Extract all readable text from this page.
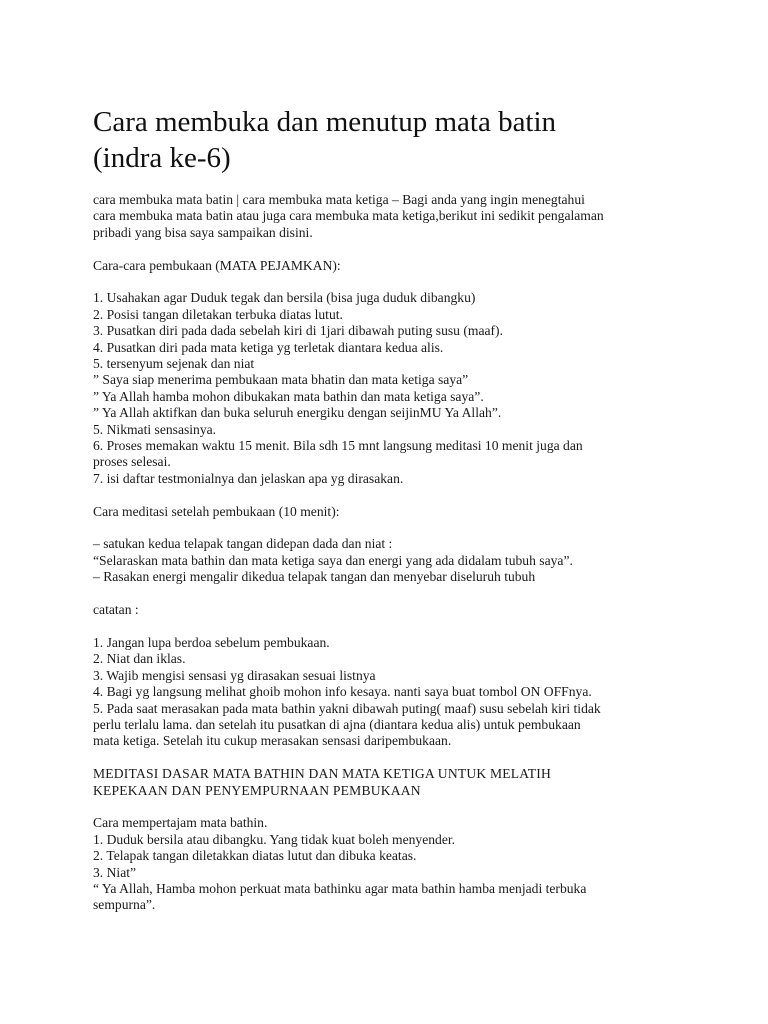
Cara membuka dan menutup mata batin
(indra ke-6)
cara membuka mata batin | cara membuka mata ketiga – Bagi anda yang ingin menegtahui
cara membuka mata batin atau juga cara membuka mata ketiga,berikut ini sedikit pengalaman
pribadi yang bisa saya sampaikan disini.
Cara-cara pembukaan (MATA PEJAMKAN):
1. Usahakan agar Duduk tegak dan bersila (bisa juga duduk dibangku)
2. Posisi tangan diletakan terbuka diatas lutut.
3. Pusatkan diri pada dada sebelah kiri di 1jari dibawah puting susu (maaf).
4. Pusatkan diri pada mata ketiga yg terletak diantara kedua alis.
5. tersenyum sejenak dan niat
” Saya siap menerima pembukaan mata bhatin dan mata ketiga saya”
” Ya Allah hamba mohon dibukakan mata bathin dan mata ketiga saya”.
” Ya Allah aktifkan dan buka seluruh energiku dengan seijinMU Ya Allah”.
5. Nikmati sensasinya.
6. Proses memakan waktu 15 menit. Bila sdh 15 mnt langsung meditasi 10 menit juga dan
proses selesai.
7. isi daftar testmonialnya dan jelaskan apa yg dirasakan.
Cara meditasi setelah pembukaan (10 menit):
– satukan kedua telapak tangan didepan dada dan niat :
“Selaraskan mata bathin dan mata ketiga saya dan energi yang ada didalam tubuh saya”.
– Rasakan energi mengalir dikedua telapak tangan dan menyebar diseluruh tubuh
catatan :
1. Jangan lupa berdoa sebelum pembukaan.
2. Niat dan iklas.
3. Wajib mengisi sensasi yg dirasakan sesuai listnya
4. Bagi yg langsung melihat ghoib mohon info kesaya. nanti saya buat tombol ON OFFnya.
5. Pada saat merasakan pada mata bathin yakni dibawah puting( maaf) susu sebelah kiri tidak
perlu terlalu lama. dan setelah itu pusatkan di ajna (diantara kedua alis) untuk pembukaan
mata ketiga. Setelah itu cukup merasakan sensasi daripembukaan.
MEDITASI DASAR MATA BATHIN DAN MATA KETIGA UNTUK MELATIH
KEPEKAAN DAN PENYEMPURNAAN PEMBUKAAN
Cara mempertajam mata bathin.
1. Duduk bersila atau dibangku. Yang tidak kuat boleh menyender.
2. Telapak tangan diletakkan diatas lutut dan dibuka keatas.
3. Niat”
“ Ya Allah, Hamba mohon perkuat mata bathinku agar mata bathin hamba menjadi terbuka
sempurna”.
